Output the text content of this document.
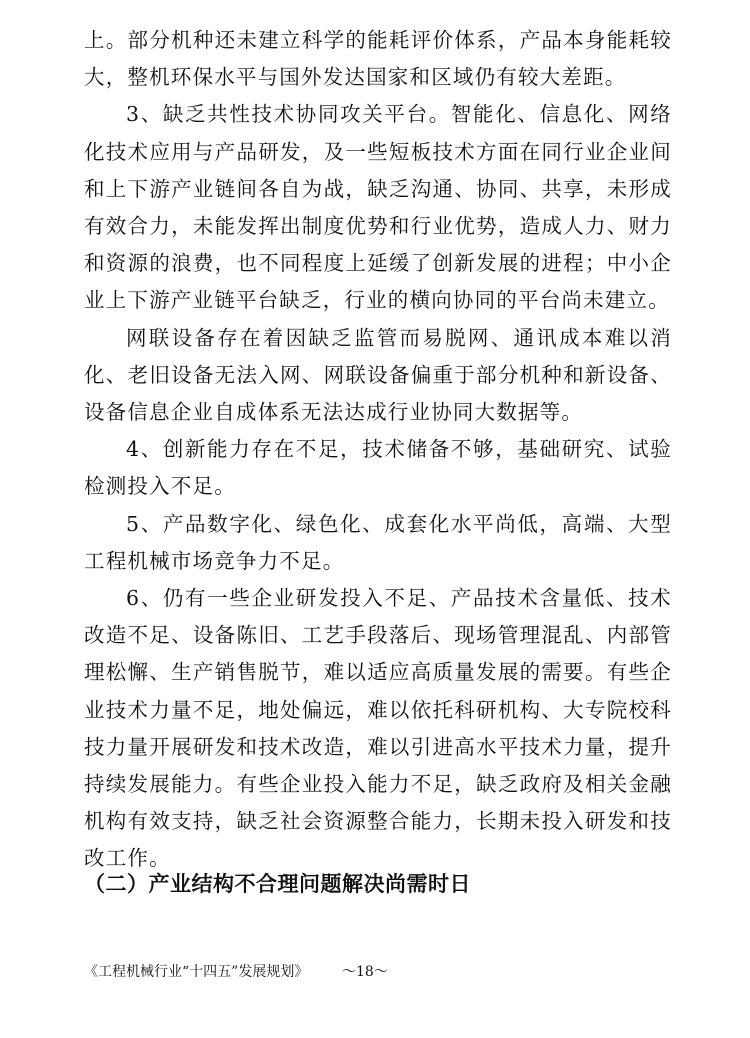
上。部分机种还未建立科学的能耗评价体系，产品本身能耗较大，整机环保水平与国外发达国家和区域仍有较大差距。

3、缺乏共性技术协同攻关平台。智能化、信息化、网络化技术应用与产品研发，及一些短板技术方面在同行业企业间和上下游产业链间各自为战，缺乏沟通、协同、共享，未形成有效合力，未能发挥出制度优势和行业优势，造成人力、财力和资源的浪费，也不同程度上延缓了创新发展的进程；中小企业上下游产业链平台缺乏，行业的横向协同的平台尚未建立。

网联设备存在着因缺乏监管而易脱网、通讯成本难以消化、老旧设备无法入网、网联设备偏重于部分机种和新设备、设备信息企业自成体系无法达成行业协同大数据等。

4、创新能力存在不足，技术储备不够，基础研究、试验检测投入不足。

5、产品数字化、绿色化、成套化水平尚低，高端、大型工程机械市场竞争力不足。

6、仍有一些企业研发投入不足、产品技术含量低、技术改造不足、设备陈旧、工艺手段落后、现场管理混乱、内部管理松懈、生产销售脱节，难以适应高质量发展的需要。有些企业技术力量不足，地处偏远，难以依托科研机构、大专院校科技力量开展研发和技术改造，难以引进高水平技术力量，提升持续发展能力。有些企业投入能力不足，缺乏政府及相关金融机构有效支持，缺乏社会资源整合能力，长期未投入研发和技改工作。

（二）产业结构不合理问题解决尚需时日
《工程机械行业“十四五”发展规划》 ～18～
